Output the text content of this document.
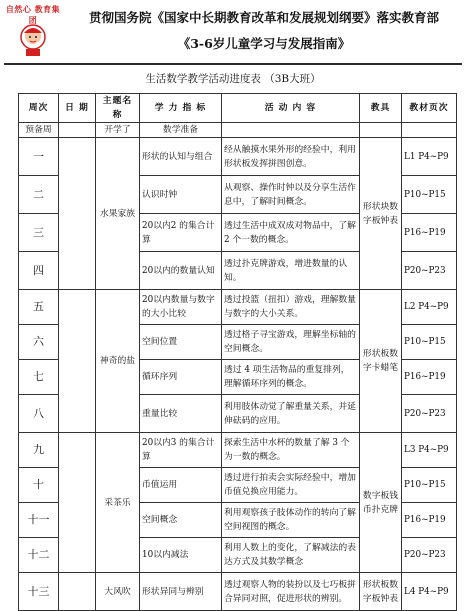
自然心 教育集团	贯彻国务院《国家中长期教育改革和发展规划纲要》落实教育部
《3-6岁儿童学习与发展指南》
生活数学教学活动进度表 （3B大班）
周次	日 期	主题名称	学 力 指 标	活 动 内 容	教具	教材页次
预备周		开学了	数学准备			
一		水果家族	形状的认知与组合	经从触摸水果外形的经验中，利用形状板发挥拼图创意。	形状块数字板钟表	L1 P4~P9
二			认识时钟	从观察、操作时钟以及分享生活作息中，了解时间概念。		P10~P15
三			20以内2 的集合计算	透过生活中成双成对物品中，了解 2 个一数的概念。		P16~P19
四			20以内的数量认知	透过扑克牌游戏，增进数量的认知。		P20~P23
五		神奇的盐	20以内数量与数字的大小比较	透过投篮（扭扣）游戏，理解数量与数字的大小关系。	形状板数字卡蜡笔	L2 P4~P9
六			空间位置	透过格子寻宝游戏，理解坐标轴的空间概念。		P10~P15
七			循环序列	透过 4 项生活物品的重复排列，理解循环序列的概念。		P16~P19
八			重量比较	利用肢体动觉了解重量关系，并延伸砝码的应用。		P20~P23
九		采茶乐	20以内3 的集合计算	探索生活中水杯的数量了解 3 个为一数的概念。	数字板钱币扑克牌	L3 P4~P9
十			币值运用	透过进行拍卖会实际经验中，增加币值兑换应用能力。		P10~P15
十一			空间概念	利用观察孩子肢体动作的转向了解空间视图的概念。		P16~P19
十二			10以内减法	利用人数上的变化，了解减法的表达方式及其数学概念		P20~P23
十三		大风吹	形状异同与辨别	透过观察人物的装扮以及七巧板拼合异同对照，促进形状的辨别。	形状板数字板钟表	L4 P4~P9
